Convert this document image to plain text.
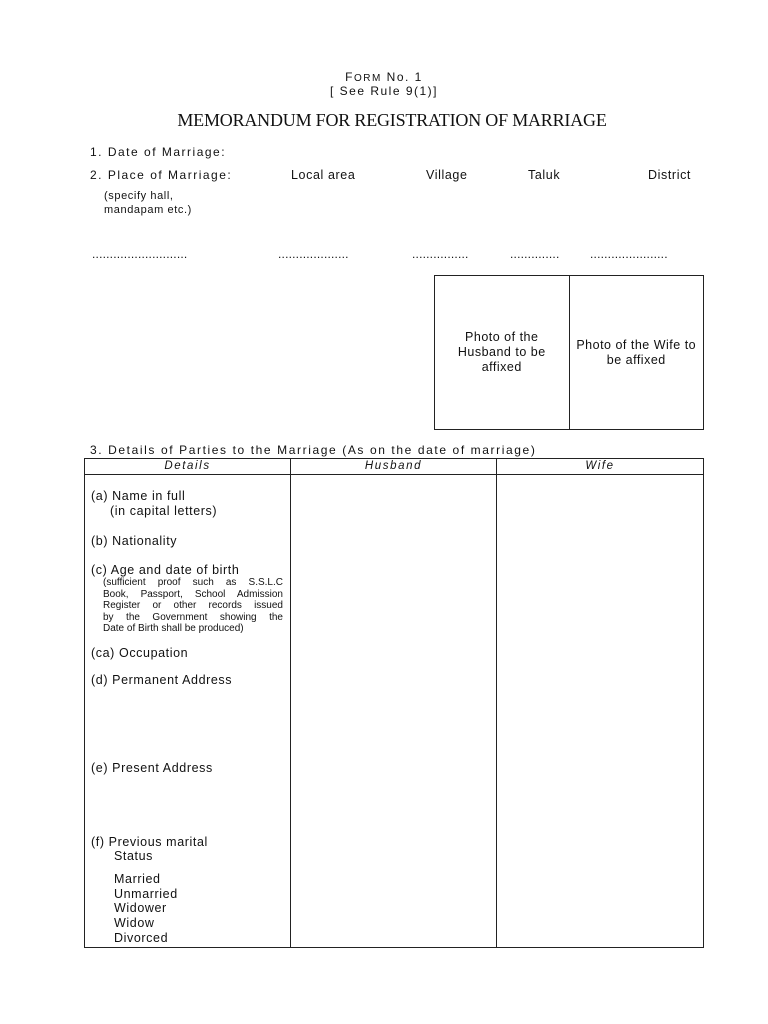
FORM No. 1
[ See Rule 9(1)]
MEMORANDUM FOR REGISTRATION OF MARRIAGE
1. Date of Marriage:
2. Place of Marriage:	Local area	Village	Taluk	District
(specify hall,
mandapam etc.)
...........................	....................	................	..............	......................
Photo of the Husband to be affixed
Photo of the Wife to be affixed
3. Details of Parties to the Marriage (As on the date of marriage)
Details	Husband	Wife
(a) Name in full
(in capital letters)
(b) Nationality
(c) Age and date of birth
(sufficient proof such as S.S.L.C
Book, Passport, School Admission
Register or other records issued
by the Government showing the
Date of Birth shall be produced)
(ca) Occupation
(d) Permanent Address
(e) Present Address
(f) Previous marital
Status
Married
Unmarried
Widower
Widow
Divorced
